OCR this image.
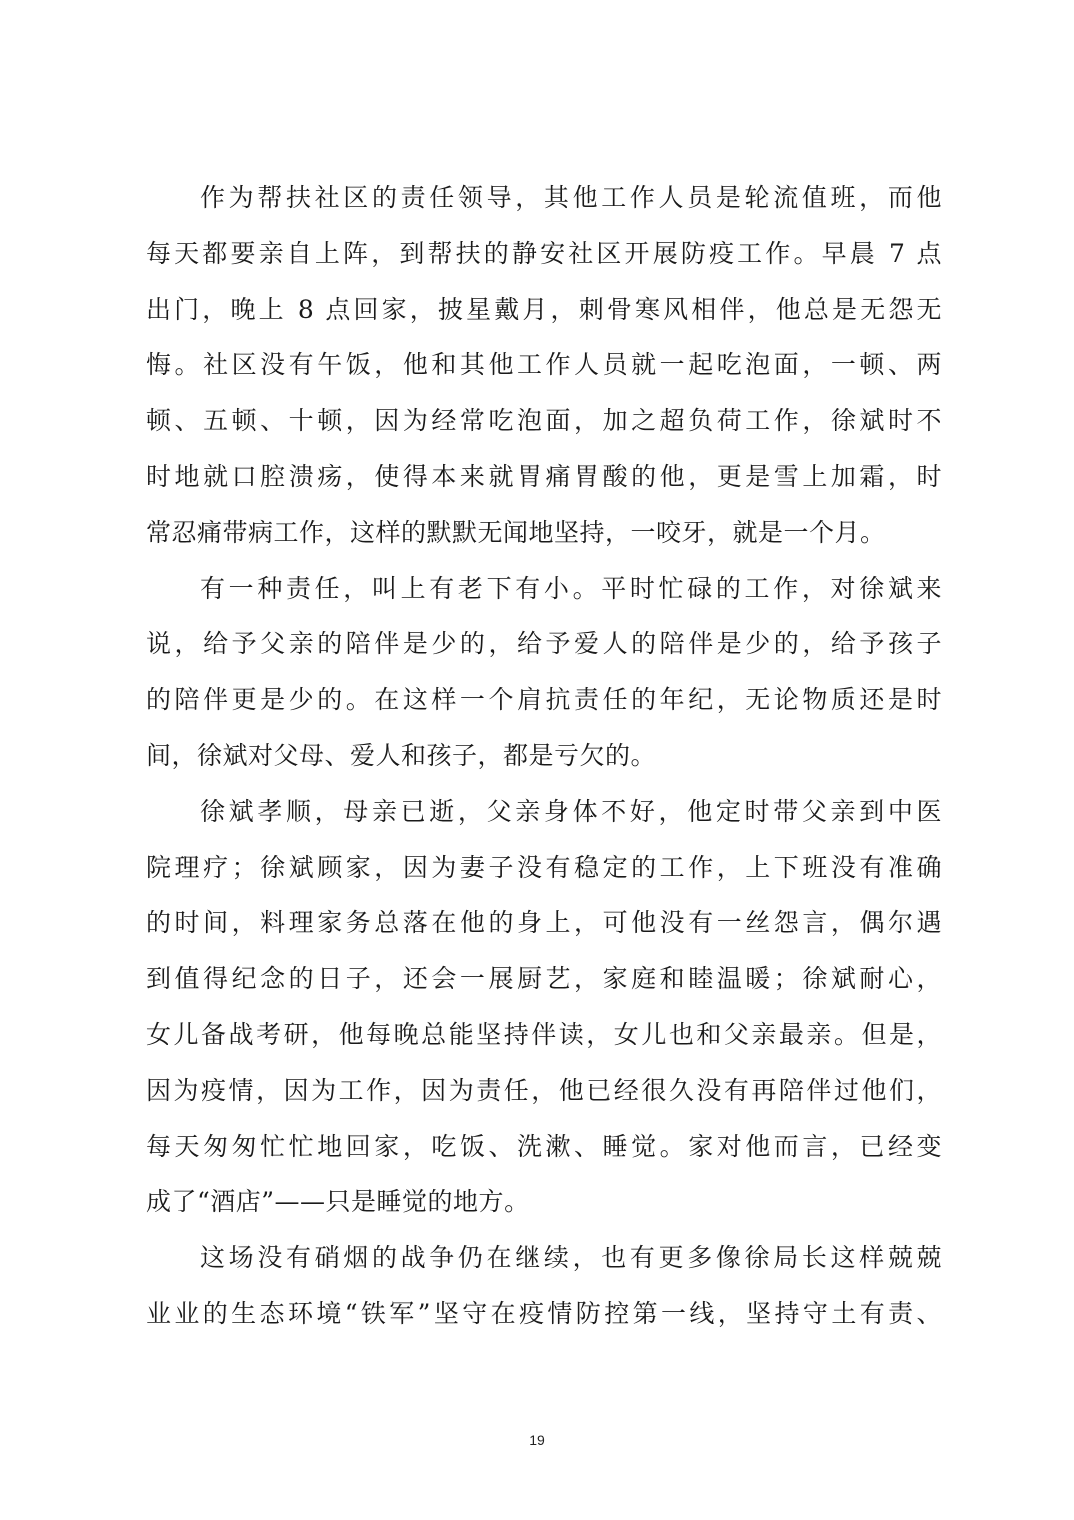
作为帮扶社区的责任领导，其他工作人员是轮流值班，而他
每天都要亲自上阵，到帮扶的静安社区开展防疫工作。早晨 7 点
出门，晚上 8 点回家，披星戴月，刺骨寒风相伴，他总是无怨无
悔。社区没有午饭，他和其他工作人员就一起吃泡面，一顿、两
顿、五顿、十顿，因为经常吃泡面，加之超负荷工作，徐斌时不
时地就口腔溃疡，使得本来就胃痛胃酸的他，更是雪上加霜，时
常忍痛带病工作，这样的默默无闻地坚持，一咬牙，就是一个月。
有一种责任，叫上有老下有小。平时忙碌的工作，对徐斌来
说，给予父亲的陪伴是少的，给予爱人的陪伴是少的，给予孩子
的陪伴更是少的。在这样一个肩抗责任的年纪，无论物质还是时
间，徐斌对父母、爱人和孩子，都是亏欠的。
徐斌孝顺，母亲已逝，父亲身体不好，他定时带父亲到中医
院理疗；徐斌顾家，因为妻子没有稳定的工作，上下班没有准确
的时间，料理家务总落在他的身上，可他没有一丝怨言，偶尔遇
到值得纪念的日子，还会一展厨艺，家庭和睦温暖；徐斌耐心，
女儿备战考研，他每晚总能坚持伴读，女儿也和父亲最亲。但是，
因为疫情，因为工作，因为责任，他已经很久没有再陪伴过他们，
每天匆匆忙忙地回家，吃饭、洗漱、睡觉。家对他而言，已经变
成了“酒店”——只是睡觉的地方。
这场没有硝烟的战争仍在继续，也有更多像徐局长这样兢兢
业业的生态环境“铁军”坚守在疫情防控第一线，坚持守土有责、
19
